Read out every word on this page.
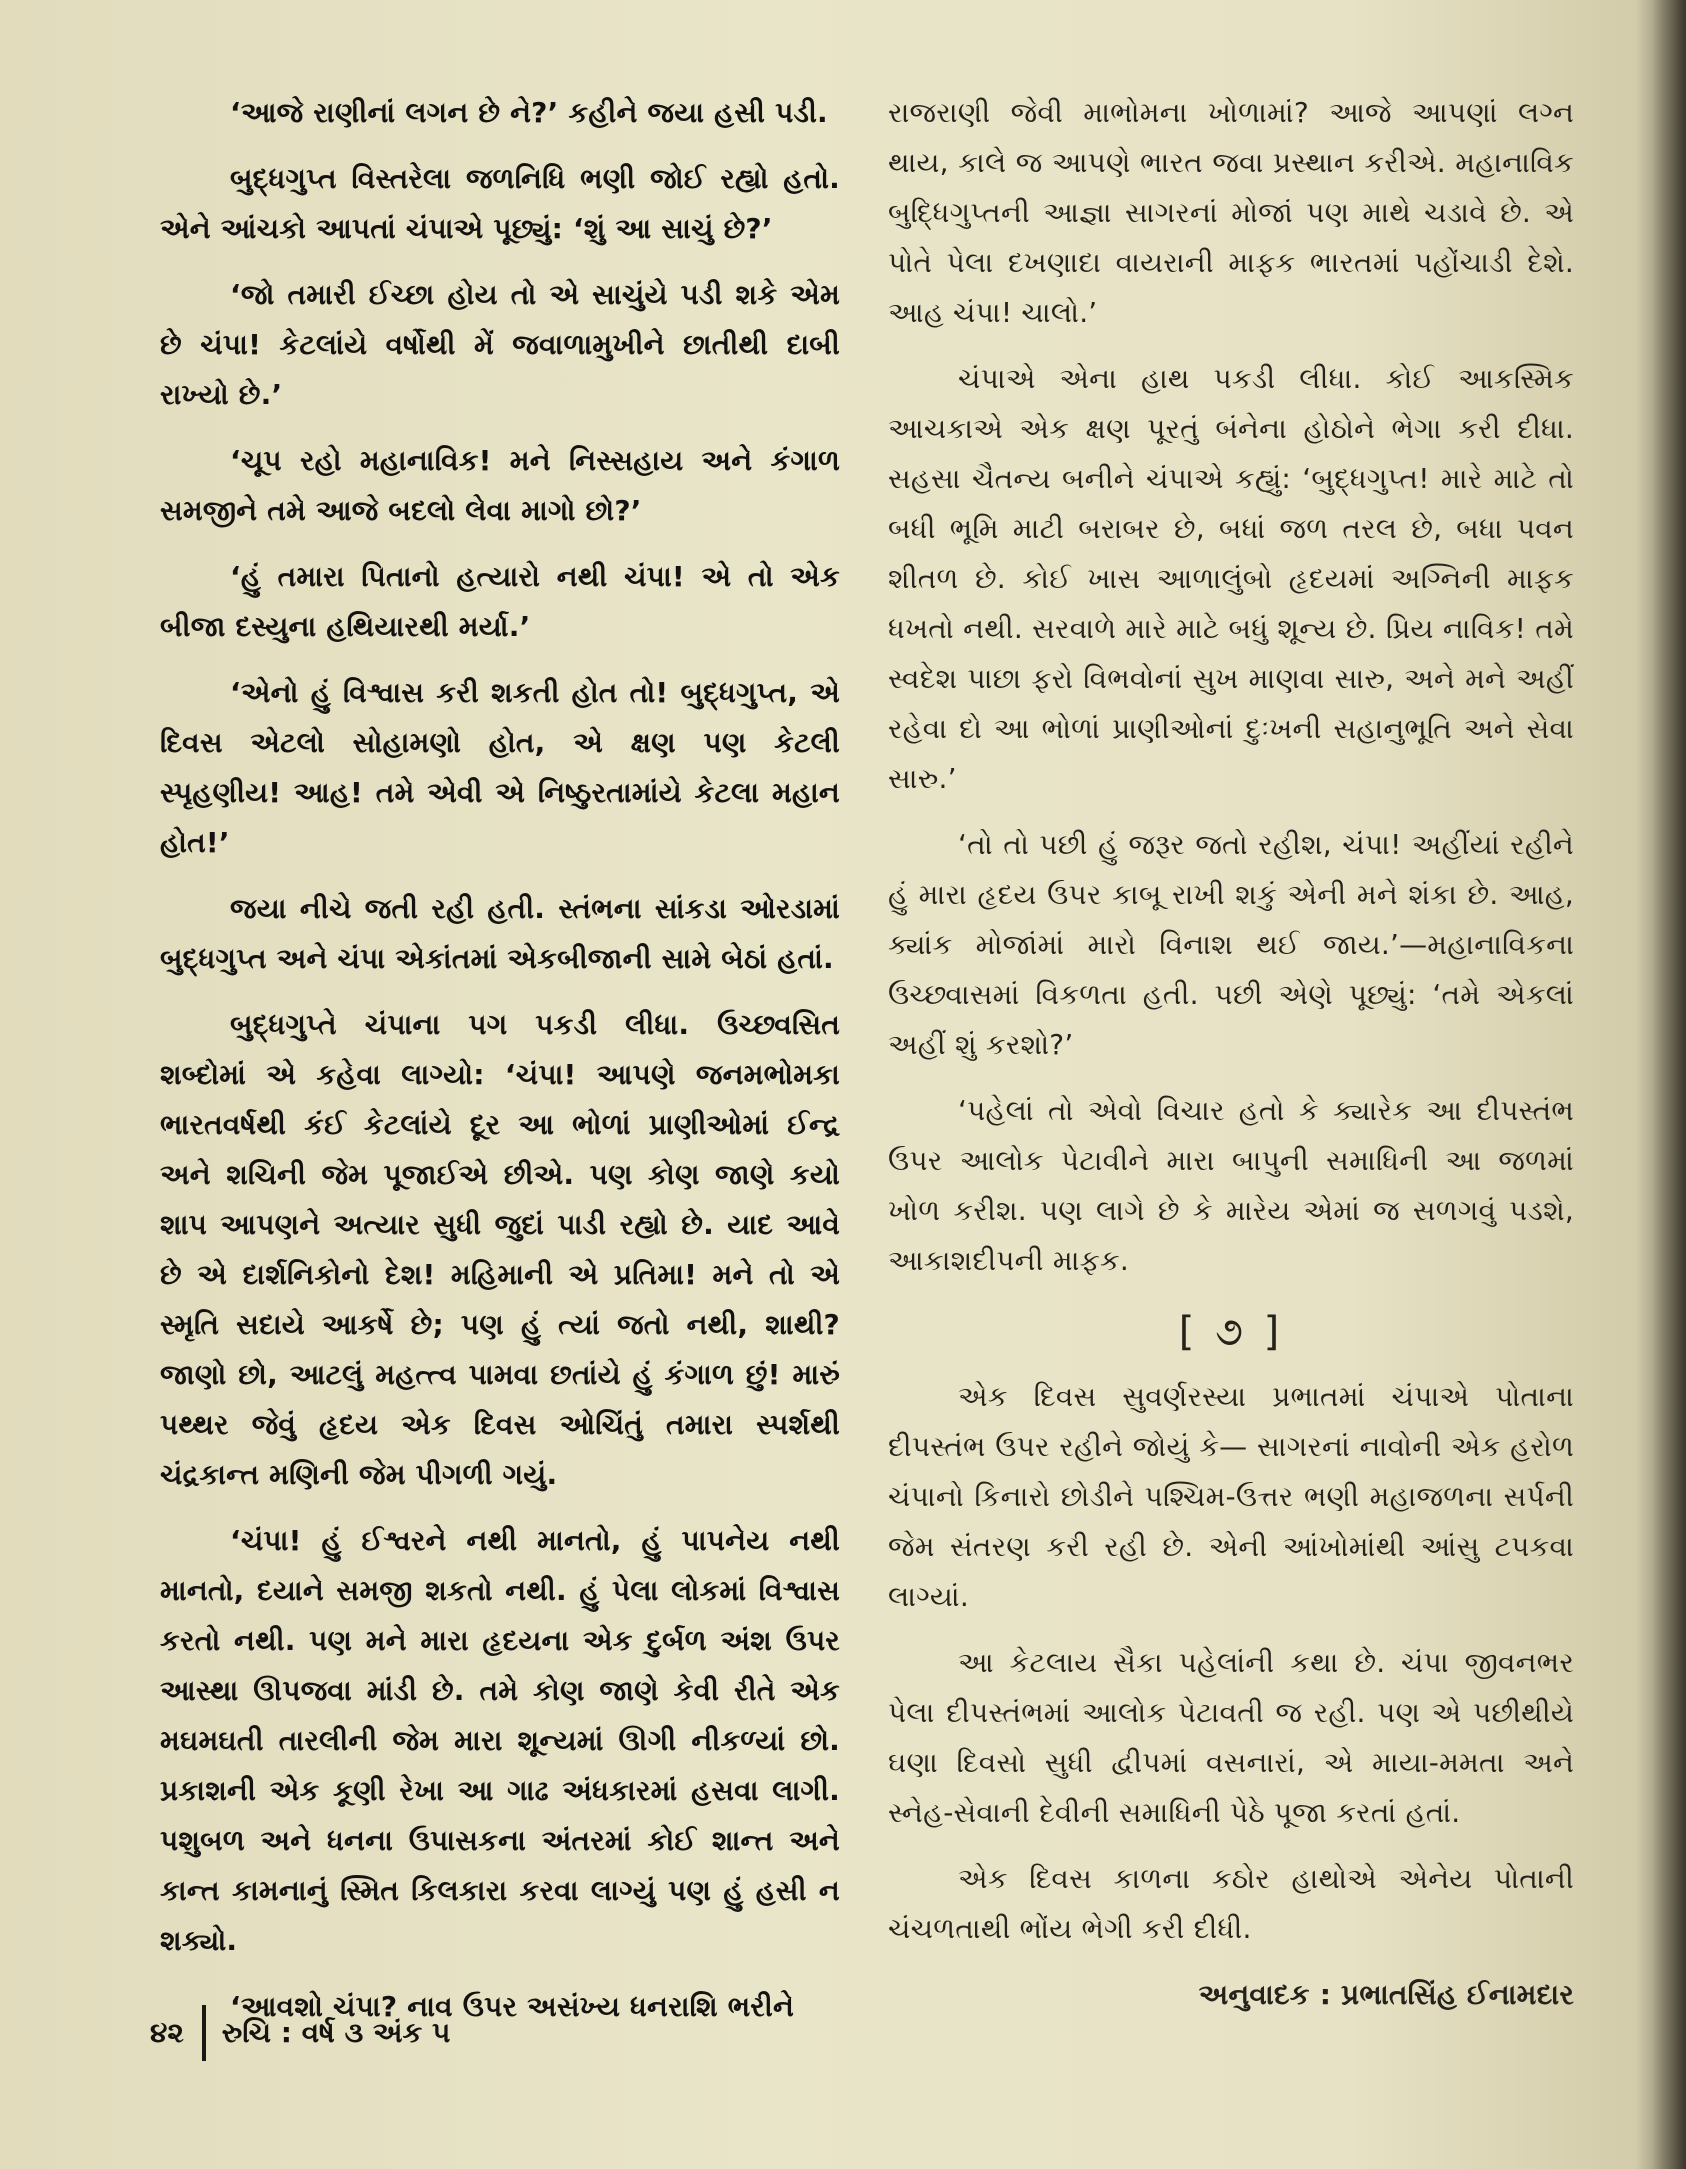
‘આજે રાણીનાં લગન છે ને?’ કહીને જયા હસી પડી.

બુદ્ધગુપ્ત વિસ્તરેલા જળનિધિ ભણી જોઈ રહ્યો હતો. એને આંચકો આપતાં ચંપાએ પૂછ્યું: ‘શું આ સાચું છે?’

‘જો તમારી ઈચ્છા હોય તો એ સાચુંયે પડી શકે એમ છે ચંપા! કેટલાંયે વર્ષોથી મેં જવાળામુખીને છાતીથી દાબી રાખ્યો છે.’

‘ચૂપ રહો મહાનાવિક! મને નિસ્સહાય અને કંગાળ સમજીને તમે આજે બદલો લેવા માગો છો?’

‘હું તમારા પિતાનો હત્યારો નથી ચંપા! એ તો એક બીજા દસ્યુના હથિયારથી મર્યા.’

‘એનો હું વિશ્વાસ કરી શકતી હોત તો! બુદ્ધગુપ્ત, એ દિવસ એટલો સોહામણો હોત, એ ક્ષણ પણ કેટલી સ્પૃહણીય! આહ! તમે એવી એ નિષ્ઠુરતામાંયે કેટલા મહાન હોત!’

જયા નીચે જતી રહી હતી. સ્તંભના સાંકડા ઓરડામાં બુદ્ધગુપ્ત અને ચંપા એકાંતમાં એકબીજાની સામે બેઠાં હતાં.

બુદ્ધગુપ્તે ચંપાના પગ પકડી લીધા. ઉચ્છ્વસિત શબ્દોમાં એ કહેવા લાગ્યો: ‘ચંપા! આપણે જનમભોમકા ભારતવર્ષથી કંઈ કેટલાંયે દૂર આ ભોળાં પ્રાણીઓમાં ઈન્દ્ર અને શચિની જેમ પૂજાઈએ છીએ. પણ કોણ જાણે કયો શાપ આપણને અત્યાર સુધી જુદાં પાડી રહ્યો છે. યાદ આવે છે એ દાર્શનિકોનો દેશ! મહિમાની એ પ્રતિમા! મને તો એ સ્મૃતિ સદાયે આકર્ષે છે; પણ હું ત્યાં જતો નથી, શાથી? જાણો છો, આટલું મહત્ત્વ પામવા છતાંયે હું કંગાળ છું! મારું પથ્થર જેવું હૃદય એક દિવસ ઓચિંતું તમારા સ્પર્શથી ચંદ્રકાન્ત મણિની જેમ પીગળી ગયું.

‘ચંપા! હું ઈશ્વરને નથી માનતો, હું પાપનેય નથી માનતો, દયાને સમજી શકતો નથી. હું પેલા લોકમાં વિશ્વાસ કરતો નથી. પણ મને મારા હૃદયના એક દુર્બળ અંશ ઉપર આસ્થા ઊપજવા માંડી છે. તમે કોણ જાણે કેવી રીતે એક મઘમઘતી તારલીની જેમ મારા શૂન્યમાં ઊગી નીકળ્યાં છો. પ્રકાશની એક કૂણી રેખા આ ગાઢ અંધકારમાં હસવા લાગી. પશુબળ અને ધનના ઉપાસકના અંતરમાં કોઈ શાન્ત અને કાન્ત કામનાનું સ્મિત કિલકારા કરવા લાગ્યું પણ હું હસી ન શક્યો.

‘આવશો ચંપા? નાવ ઉપર અસંખ્ય ધનરાશિ ભરીને

રાજરાણી જેવી માભોમના ખોળામાં? આજે આપણાં લગ્ન થાય, કાલે જ આપણે ભારત જવા પ્રસ્થાન કરીએ. મહાનાવિક બુદ્ધિગુપ્તની આજ્ઞા સાગરનાં મોજાં પણ માથે ચડાવે છે. એ પોતે પેલા દખણાદા વાયરાની માફક ભારતમાં પહોંચાડી દેશે. આહ ચંપા! ચાલો.’

ચંપાએ એના હાથ પકડી લીધા. કોઈ આકસ્મિક આચકાએ એક ક્ષણ પૂરતું બંનેના હોઠોને ભેગા કરી દીધા. સહસા ચૈતન્ય બનીને ચંપાએ કહ્યું: ‘બુદ્ધગુપ્ત! મારે માટે તો બધી ભૂમિ માટી બરાબર છે, બધાં જળ તરલ છે, બધા પવન શીતળ છે. કોઈ ખાસ આળાલુંબો હૃદયમાં અગ્નિની માફક ધખતો નથી. સરવાળે મારે માટે બધું શૂન્ય છે. પ્રિય નાવિક! તમે સ્વદેશ પાછા ફરો વિભવોનાં સુખ માણવા સારુ, અને મને અહીં રહેવા દો આ ભોળાં પ્રાણીઓનાં દુઃખની સહાનુભૂતિ અને સેવા સારુ.’

‘તો તો પછી હું જરૂર જતો રહીશ, ચંપા! અહીંયાં રહીને હું મારા હૃદય ઉપર કાબૂ રાખી શકું એની મને શંકા છે. આહ, ક્યાંક મોજાંમાં મારો વિનાશ થઈ જાય.’—મહાનાવિકના ઉચ્છ્વાસમાં વિકળતા હતી. પછી એણે પૂછ્યું: ‘તમે એકલાં અહીં શું કરશો?’

‘પહેલાં તો એવો વિચાર હતો કે ક્યારેક આ દીપસ્તંભ ઉપર આલોક પેટાવીને મારા બાપુની સમાધિની આ જળમાં ખોળ કરીશ. પણ લાગે છે કે મારેય એમાં જ સળગવું પડશે, આકાશદીપની માફક.

[ ૭ ]

એક દિવસ સુવર્ણરસ્યા પ્રભાતમાં ચંપાએ પોતાના દીપસ્તંભ ઉપર રહીને જોયું કે— સાગરનાં નાવોની એક હરોળ ચંપાનો કિનારો છોડીને પશ્ચિમ-ઉત્તર ભણી મહાજળના સર્પની જેમ સંતરણ કરી રહી છે. એની આંખોમાંથી આંસુ ટપકવા લાગ્યાં.

આ કેટલાય સૈકા પહેલાંની કથા છે. ચંપા જીવનભર પેલા દીપસ્તંભમાં આલોક પેટાવતી જ રહી. પણ એ પછીથીયે ઘણા દિવસો સુધી દ્વીપમાં વસનારાં, એ માયા-મમતા અને સ્નેહ-સેવાની દેવીની સમાધિની પેઠે પૂજા કરતાં હતાં.

એક દિવસ કાળના કઠોર હાથોએ એનેય પોતાની ચંચળતાથી ભોંય ભેગી કરી દીધી.

અનુવાદક : પ્રભાતસિંહ ઈનામદાર
૪૨ રુચિ : વર્ષ ૩ અંક ૫
